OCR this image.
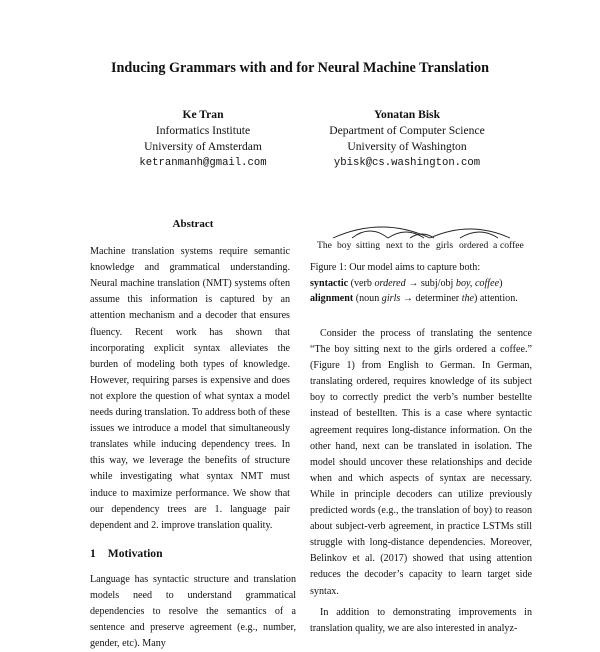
Inducing Grammars with and for Neural Machine Translation
Ke Tran
Informatics Institute
University of Amsterdam
ketranmanh@gmail.com
Yonatan Bisk
Department of Computer Science
University of Washington
ybisk@cs.washington.com
Abstract
Machine translation systems require semantic knowledge and grammatical understanding. Neural machine translation (NMT) systems often assume this information is captured by an attention mechanism and a decoder that ensures fluency. Recent work has shown that incorporating explicit syntax alleviates the burden of modeling both types of knowledge. However, requiring parses is expensive and does not explore the question of what syntax a model needs during translation. To address both of these issues we introduce a model that simultaneously translates while inducing dependency trees. In this way, we leverage the benefits of structure while investigating what syntax NMT must induce to maximize performance. We show that our dependency trees are 1. language pair dependent and 2. improve translation quality.
1 Motivation
Language has syntactic structure and translation models need to understand grammatical dependencies to resolve the semantics of a sentence and preserve agreement (e.g., number, gender, etc). Many
The boy sitting next to the girls ordered a coffee
Figure 1: Our model aims to capture both:
syntactic (verb ordered → subj/obj boy, coffee)
alignment (noun girls → determiner the) attention.

Consider the process of translating the sentence “The boy sitting next to the girls ordered a coffee.” (Figure 1) from English to German. In German, translating ordered, requires knowledge of its subject boy to correctly predict the verb’s number bestellte instead of bestellten. This is a case where syntactic agreement requires long-distance information. On the other hand, next can be translated in isolation. The model should uncover these relationships and decide when and which aspects of syntax are necessary. While in principle decoders can utilize previously predicted words (e.g., the translation of boy) to reason about subject-verb agreement, in practice LSTMs still struggle with long-distance dependencies. Moreover, Belinkov et al. (2017) showed that using attention reduces the decoder’s capacity to learn target side syntax.

In addition to demonstrating improvements in translation quality, we are also interested in analyz-
